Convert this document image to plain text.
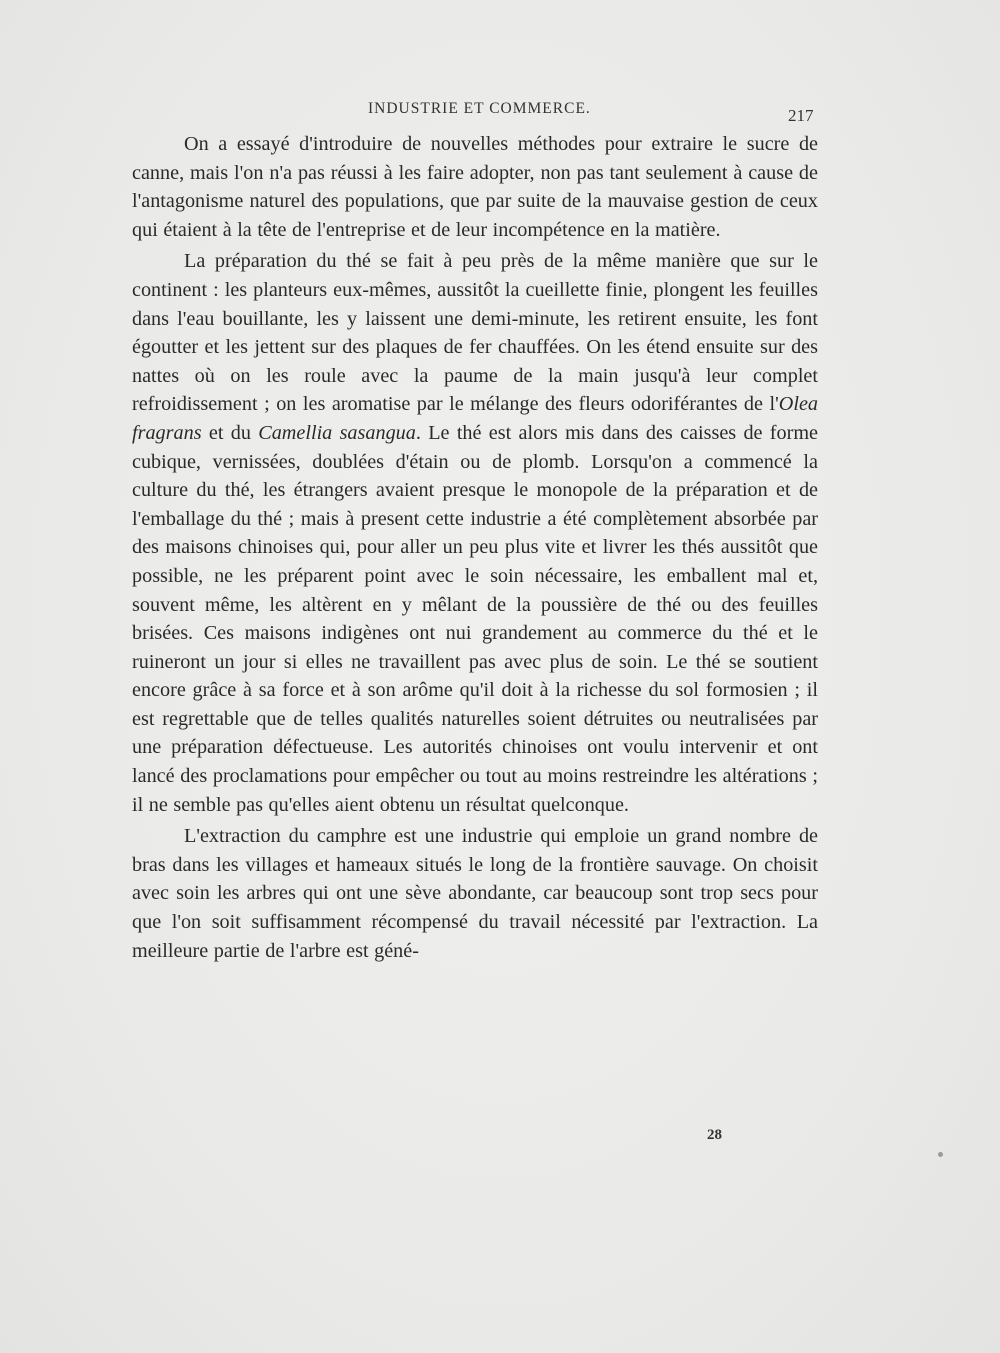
INDUSTRIE ET COMMERCE.	217

On a essayé d'introduire de nouvelles méthodes pour extraire le sucre de canne, mais l'on n'a pas réussi à les faire adopter, non pas tant seulement à cause de l'antagonisme naturel des populations, que par suite de la mauvaise gestion de ceux qui étaient à la tête de l'entreprise et de leur incompétence en la matière.

La préparation du thé se fait à peu près de la même manière que sur le continent : les planteurs eux-mêmes, aussitôt la cueillette finie, plongent les feuilles dans l'eau bouillante, les y laissent une demi-minute, les retirent ensuite, les font égoutter et les jettent sur des plaques de fer chauffées. On les étend ensuite sur des nattes où on les roule avec la paume de la main jusqu'à leur complet refroidissement ; on les aromatise par le mélange des fleurs odoriférantes de l'Olea fragrans et du Camellia sasangua. Le thé est alors mis dans des caisses de forme cubique, vernissées, doublées d'étain ou de plomb. Lorsqu'on a commencé la culture du thé, les étrangers avaient presque le monopole de la préparation et de l'emballage du thé ; mais à present cette industrie a été complètement absorbée par des maisons chinoises qui, pour aller un peu plus vite et livrer les thés aussitôt que possible, ne les préparent point avec le soin nécessaire, les emballent mal et, souvent même, les altèrent en y mêlant de la poussière de thé ou des feuilles brisées. Ces maisons indigènes ont nui grandement au commerce du thé et le ruineront un jour si elles ne travaillent pas avec plus de soin. Le thé se soutient encore grâce à sa force et à son arôme qu'il doit à la richesse du sol formosien ; il est regrettable que de telles qualités naturelles soient détruites ou neutralisées par une préparation défectueuse. Les autorités chinoises ont voulu intervenir et ont lancé des proclamations pour empêcher ou tout au moins restreindre les altérations ; il ne semble pas qu'elles aient obtenu un résultat quelconque.

L'extraction du camphre est une industrie qui emploie un grand nombre de bras dans les villages et hameaux situés le long de la frontière sauvage. On choisit avec soin les arbres qui ont une sève abondante, car beaucoup sont trop secs pour que l'on soit suffisamment récompensé du travail nécessité par l'extraction. La meilleure partie de l'arbre est géné-

28
